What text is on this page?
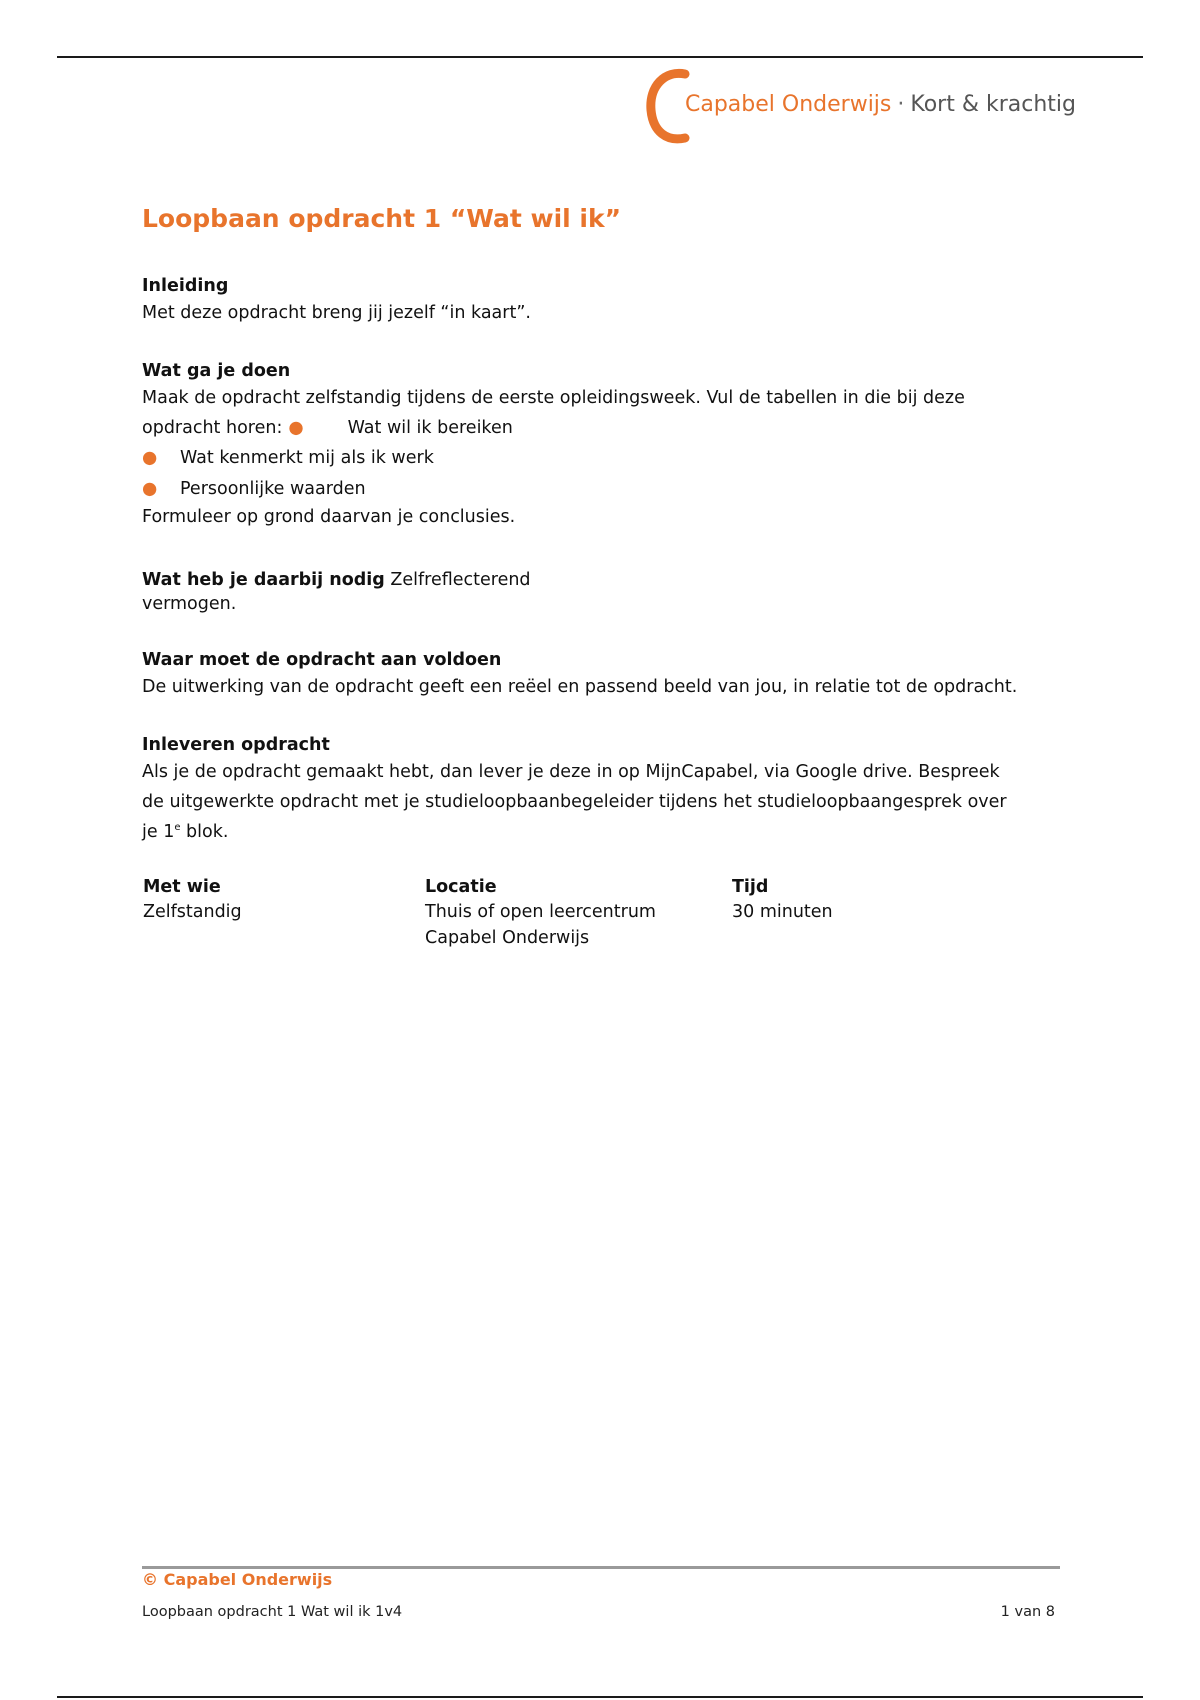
Capabel Onderwijs · Kort & krachtig
Loopbaan opdracht 1 “Wat wil ik”
Inleiding
Met deze opdracht breng jij jezelf “in kaart”.
Wat ga je doen
Maak de opdracht zelfstandig tijdens de eerste opleidingsweek. Vul de tabellen in die bij deze
opdracht horen: ●	Wat wil ik bereiken
● Wat kenmerkt mij als ik werk
● Persoonlijke waarden
Formuleer op grond daarvan je conclusies.
Wat heb je daarbij nodig Zelfreflecterend
vermogen.
Waar moet de opdracht aan voldoen
De uitwerking van de opdracht geeft een reëel en passend beeld van jou, in relatie tot de opdracht.
Inleveren opdracht
Als je de opdracht gemaakt hebt, dan lever je deze in op MijnCapabel, via Google drive. Bespreek
de uitgewerkte opdracht met je studieloopbaanbegeleider tijdens het studieloopbaangesprek over
je 1e blok.
Met wie
Zelfstandig
Locatie
Thuis of open leercentrum
Capabel Onderwijs
Tijd
30 minuten
© Capabel Onderwijs
Loopbaan opdracht 1 Wat wil ik 1v4	1 van 8
